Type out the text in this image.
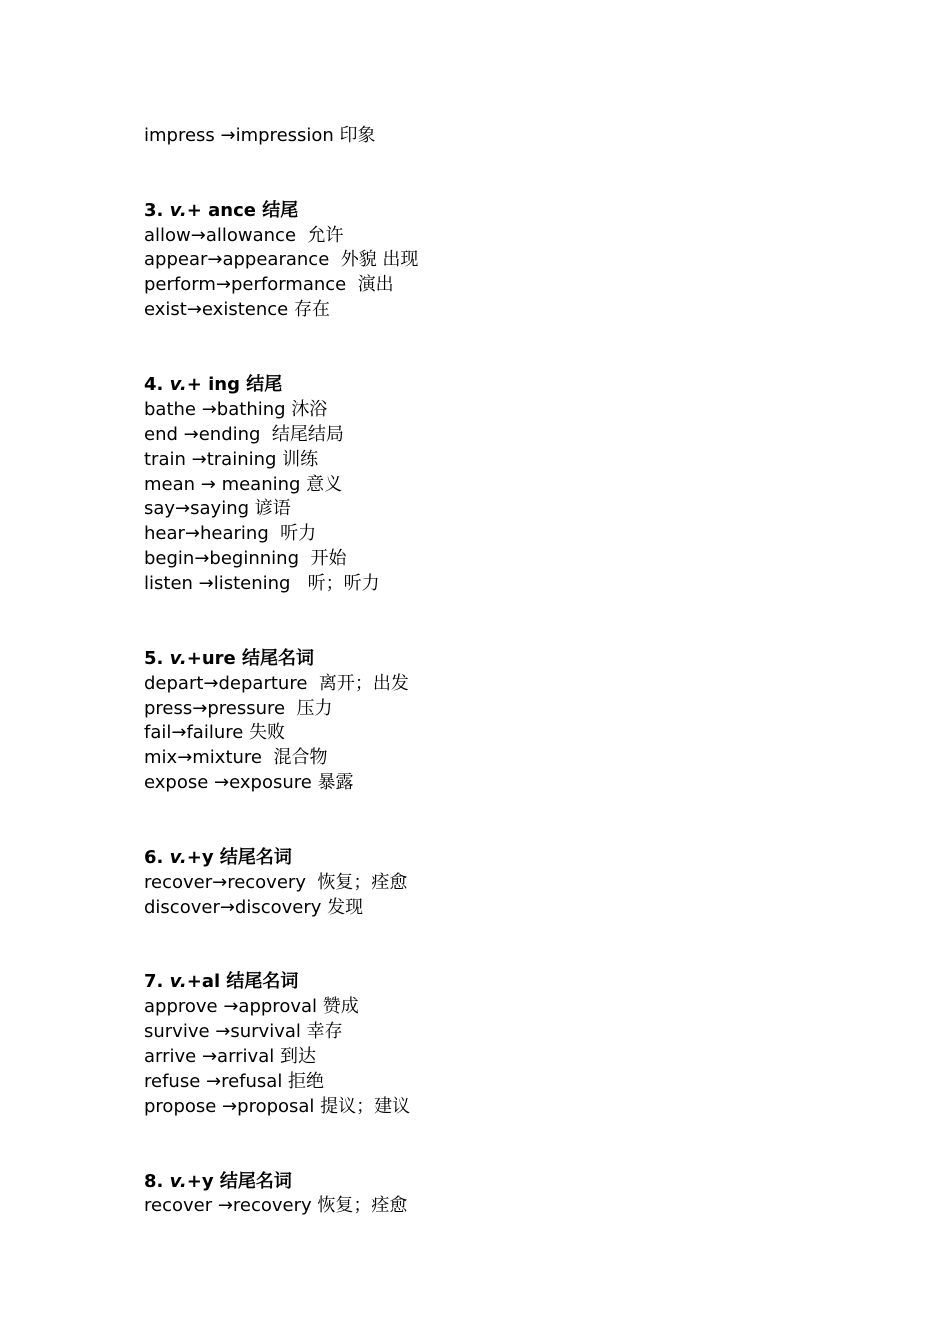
impress →impression 印象
3. v.+ ance 结尾
allow→allowance  允许
appear→appearance  外貌 出现
perform→performance  演出
exist→existence 存在
4. v.+ ing 结尾
bathe →bathing 沐浴
end →ending  结尾结局
train →training 训练
mean → meaning 意义
say→saying 谚语
hear→hearing  听力
begin→beginning  开始
listen →listening   听；听力
5. v.+ure 结尾名词
depart→departure  离开；出发
press→pressure  压力
fail→failure 失败
mix→mixture  混合物
expose →exposure 暴露
6. v.+y 结尾名词
recover→recovery  恢复；痊愈
discover→discovery 发现
7. v.+al 结尾名词
approve →approval 赞成
survive →survival 幸存
arrive →arrival 到达
refuse →refusal 拒绝
propose →proposal 提议；建议
8. v.+y 结尾名词
recover →recovery 恢复；痊愈
